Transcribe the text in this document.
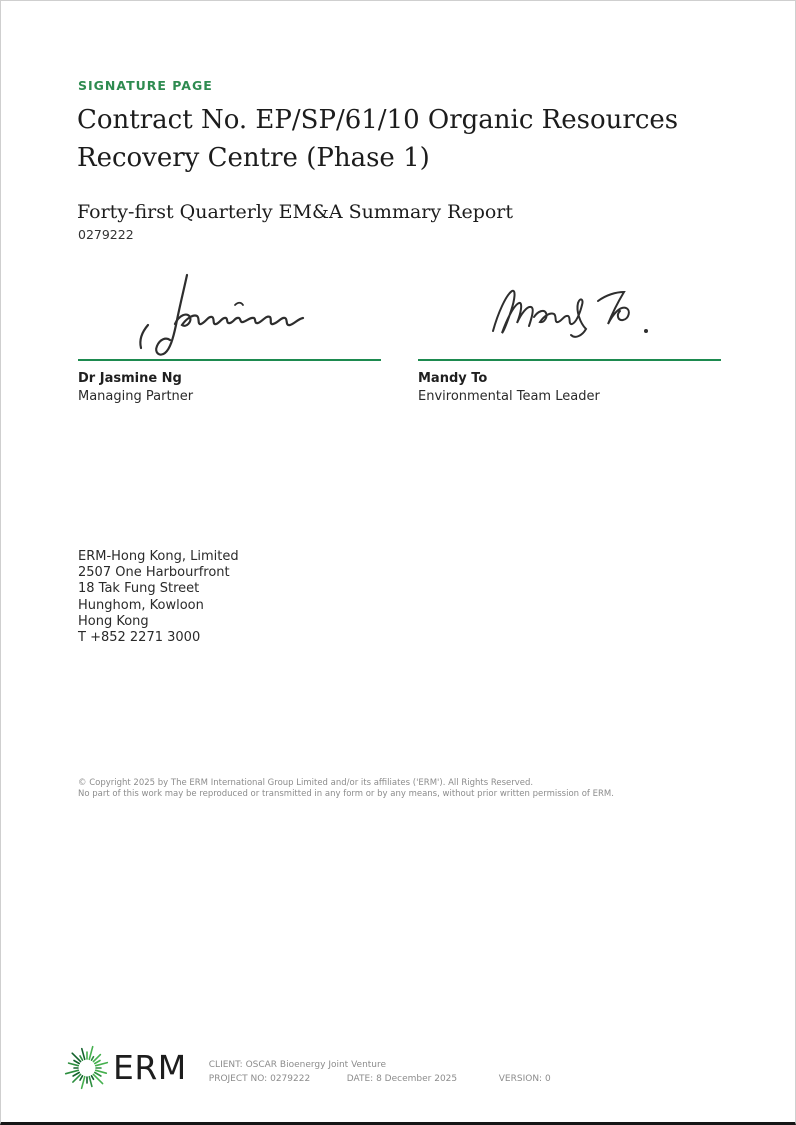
SIGNATURE PAGE
Contract No. EP/SP/61/10 Organic Resources
Recovery Centre (Phase 1)
Forty-first Quarterly EM&A Summary Report
0279222
Dr Jasmine Ng
Managing Partner
Mandy To
Environmental Team Leader
ERM-Hong Kong, Limited
2507 One Harbourfront
18 Tak Fung Street
Hunghom, Kowloon
Hong Kong
T +852 2271 3000
© Copyright 2025 by The ERM International Group Limited and/or its affiliates ('ERM'). All Rights Reserved.
No part of this work may be reproduced or transmitted in any form or by any means, without prior written permission of ERM.
ERM CLIENT: OSCAR Bioenergy Joint Venture
PROJECT NO: 0279222	DATE: 8 December 2025	VERSION: 0
